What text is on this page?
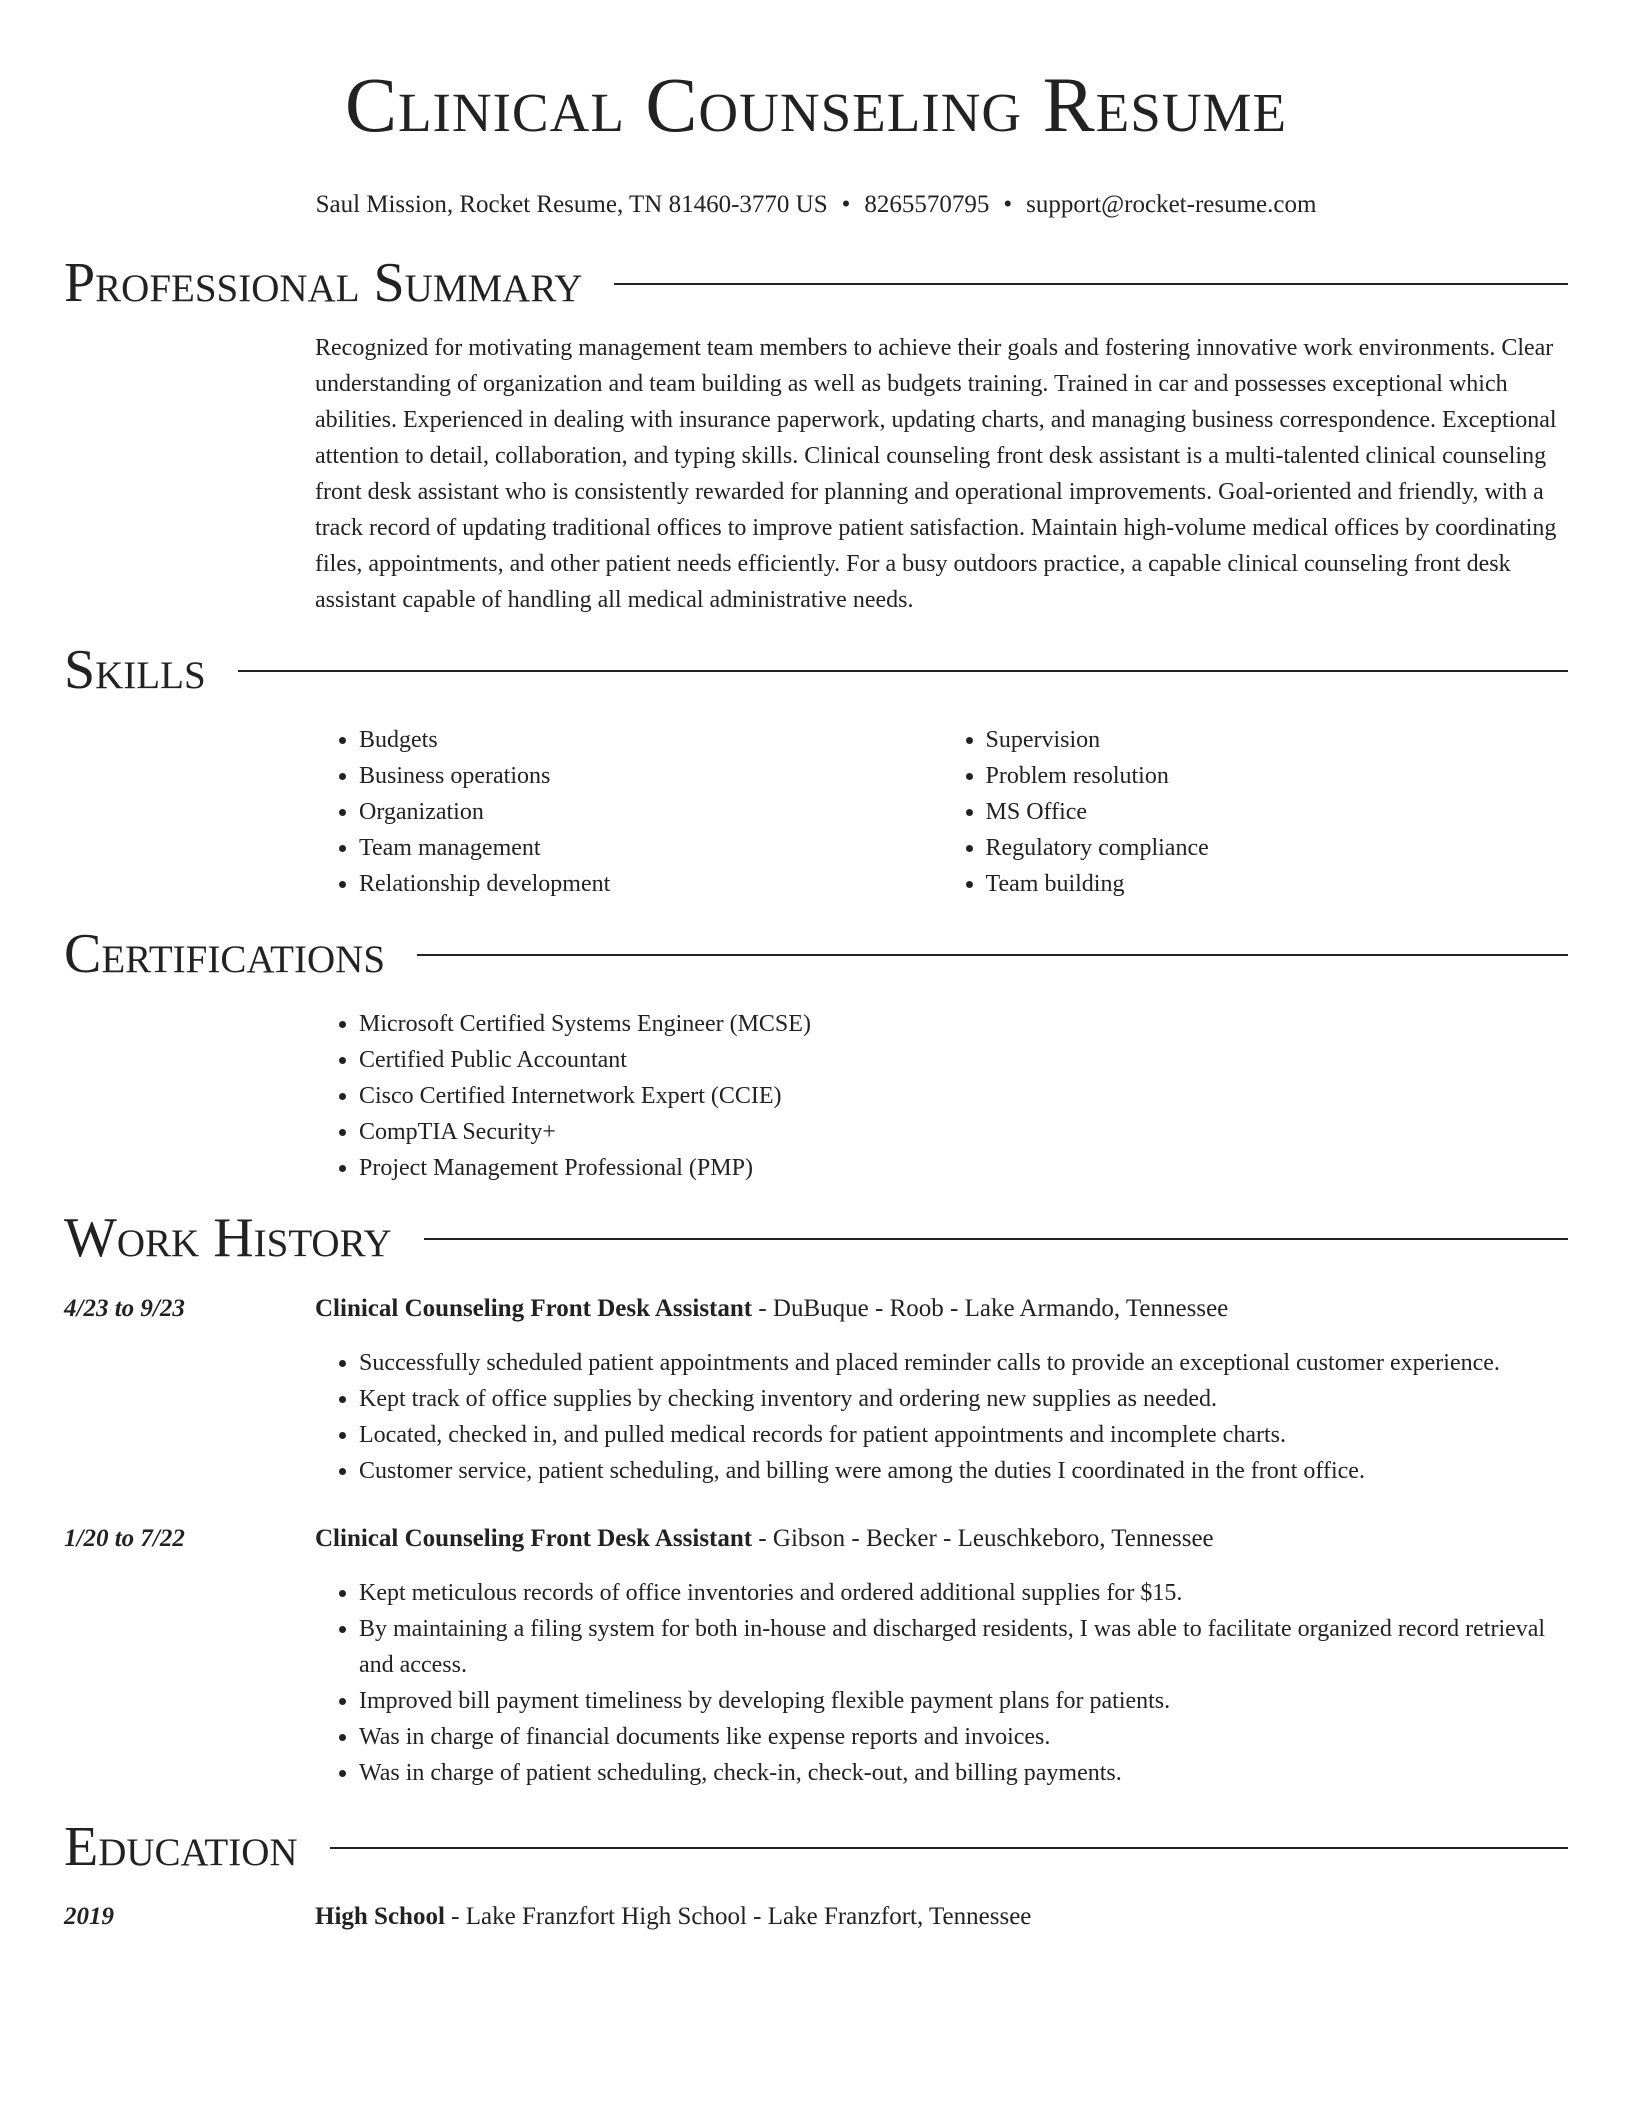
Clinical Counseling Resume
Saul Mission, Rocket Resume, TN 81460-3770 US • 8265570795 • support@rocket-resume.com
Professional Summary

Recognized for motivating management team members to achieve their goals and fostering innovative work environments. Clear understanding of organization and team building as well as budgets training. Trained in car and possesses exceptional which abilities. Experienced in dealing with insurance paperwork, updating charts, and managing business correspondence. Exceptional attention to detail, collaboration, and typing skills. Clinical counseling front desk assistant is a multi-talented clinical counseling front desk assistant who is consistently rewarded for planning and operational improvements. Goal-oriented and friendly, with a track record of updating traditional offices to improve patient satisfaction. Maintain high-volume medical offices by coordinating files, appointments, and other patient needs efficiently. For a busy outdoors practice, a capable clinical counseling front desk assistant capable of handling all medical administrative needs.

Skills
• Budgets
• Business operations
• Organization
• Team management
• Relationship development
• Supervision
• Problem resolution
• MS Office
• Regulatory compliance
• Team building
Certifications
• Microsoft Certified Systems Engineer (MCSE)
• Certified Public Accountant
• Cisco Certified Internetwork Expert (CCIE)
• CompTIA Security+
• Project Management Professional (PMP)
Work History
4/23 to 9/23	Clinical Counseling Front Desk Assistant - DuBuque - Roob - Lake Armando, Tennessee
• Successfully scheduled patient appointments and placed reminder calls to provide an exceptional customer experience.
• Kept track of office supplies by checking inventory and ordering new supplies as needed.
• Located, checked in, and pulled medical records for patient appointments and incomplete charts.
• Customer service, patient scheduling, and billing were among the duties I coordinated in the front office.
1/20 to 7/22	Clinical Counseling Front Desk Assistant - Gibson - Becker - Leuschkeboro, Tennessee
• Kept meticulous records of office inventories and ordered additional supplies for $15.
• By maintaining a filing system for both in-house and discharged residents, I was able to facilitate organized record retrieval and access.
• Improved bill payment timeliness by developing flexible payment plans for patients.
• Was in charge of financial documents like expense reports and invoices.
• Was in charge of patient scheduling, check-in, check-out, and billing payments.
Education
2019	High School - Lake Franzfort High School - Lake Franzfort, Tennessee
